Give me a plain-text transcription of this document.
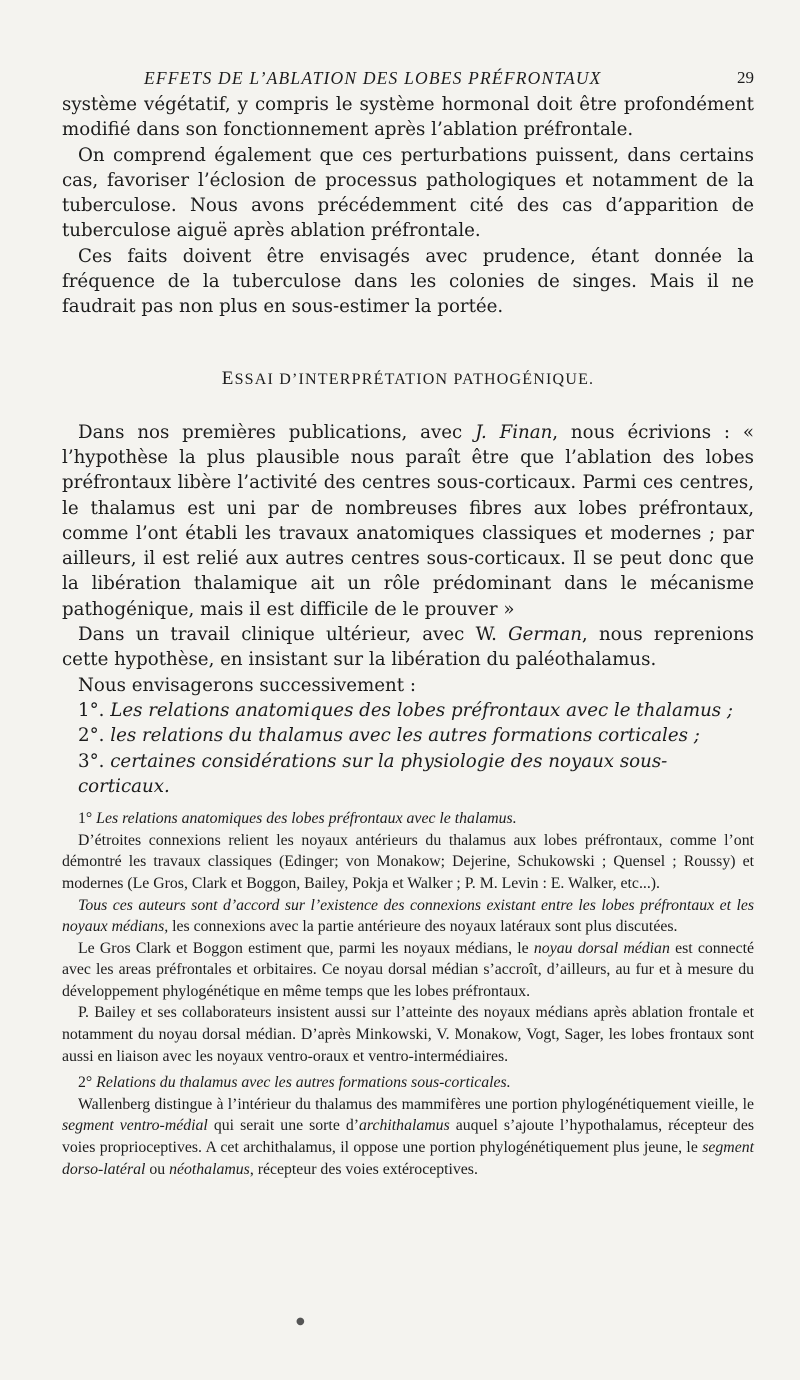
EFFETS DE L’ABLATION DES LOBES PRÉFRONTAUX	29

système végétatif, y compris le système hormonal doit être profondément modifié dans son fonctionnement après l’ablation préfrontale.

On comprend également que ces perturbations puissent, dans certains cas, favoriser l’éclosion de processus pathologiques et notamment de la tuberculose. Nous avons précédemment cité des cas d’apparition de tuberculose aiguë après ablation préfrontale.

Ces faits doivent être envisagés avec prudence, étant donnée la fréquence de la tuberculose dans les colonies de singes. Mais il ne faudrait pas non plus en sous-estimer la portée.

ESSAI D’INTERPRÉTATION PATHOGÉNIQUE.

Dans nos premières publications, avec J. Finan, nous écrivions : « l’hypothèse la plus plausible nous paraît être que l’ablation des lobes préfrontaux libère l’activité des centres sous-corticaux. Parmi ces centres, le thalamus est uni par de nombreuses fibres aux lobes préfrontaux, comme l’ont établi les travaux anatomiques classiques et modernes ; par ailleurs, il est relié aux autres centres sous-corticaux. Il se peut donc que la libération thalamique ait un rôle prédominant dans le mécanisme pathogénique, mais il est difficile de le prouver »

Dans un travail clinique ultérieur, avec W. German, nous reprenions cette hypothèse, en insistant sur la libération du paléothalamus.

Nous envisagerons successivement :

1°. Les relations anatomiques des lobes préfrontaux avec le thalamus ;
2°. les relations du thalamus avec les autres formations corticales ;
3°. certaines considérations sur la physiologie des noyaux sous-corticaux.

1° Les relations anatomiques des lobes préfrontaux avec le thalamus.

D’étroites connexions relient les noyaux antérieurs du thalamus aux lobes préfrontaux, comme l’ont démontré les travaux classiques (Edinger; von Monakow; Dejerine, Schukowski ; Quensel ; Roussy) et modernes (Le Gros, Clark et Boggon, Bailey, Pokja et Walker ; P. M. Levin : E. Walker, etc...).

Tous ces auteurs sont d’accord sur l’existence des connexions existant entre les lobes préfrontaux et les noyaux médians, les connexions avec la partie antérieure des noyaux latéraux sont plus discutées.

Le Gros Clark et Boggon estiment que, parmi les noyaux médians, le noyau dorsal médian est connecté avec les areas préfrontales et orbitaires. Ce noyau dorsal médian s’accroît, d’ailleurs, au fur et à mesure du développement phylogénétique en même temps que les lobes préfrontaux.

P. Bailey et ses collaborateurs insistent aussi sur l’atteinte des noyaux médians après ablation frontale et notamment du noyau dorsal médian. D’après Minkowski, V. Monakow, Vogt, Sager, les lobes frontaux sont aussi en liaison avec les noyaux ventro-oraux et ventro-intermédiaires.

2° Relations du thalamus avec les autres formations sous-corticales.

Wallenberg distingue à l’intérieur du thalamus des mammifères une portion phylogénétiquement vieille, le segment ventro-médial qui serait une sorte d’archithalamus auquel s’ajoute l’hypothalamus, récepteur des voies proprioceptives. A cet archithalamus, il oppose une portion phylogénétiquement plus jeune, le segment dorso-latéral ou néothalamus, récepteur des voies extéroceptives.

●
